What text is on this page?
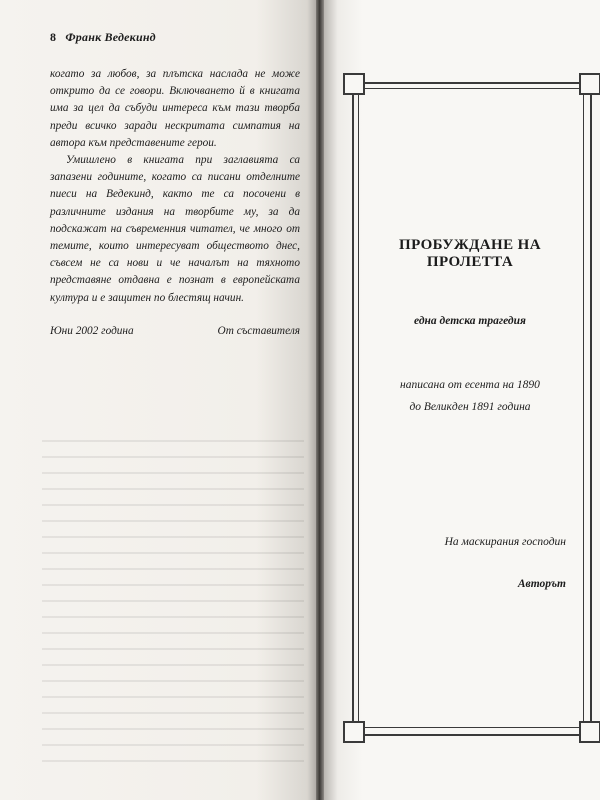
8 Франк Ведекинд

когато за любов, за плътска наслада не може открито да се говори. Включването й в книгата има за цел да събуди интереса към тази творба преди всичко заради нескритата симпатия на автора към представените герои.

Умишлено в книгата при заглавията са запазени годините, когато са писани отделните пиеси на Ведекинд, както те са посочени в различните издания на творбите му, за да подскажат на съвременния читател, че много от темите, които интересуват обществото днес, съвсем не са нови и че началът на тяхното представяне отдавна е познат в европейската култура и е защитен по блестящ начин.

Юни 2002 година	От съставителя
ПРОБУЖДАНЕ НА ПРОЛЕТТА
една детска трагедия
написана от есента на 1890
до Великден 1891 година
На маскирания господин
Авторът
